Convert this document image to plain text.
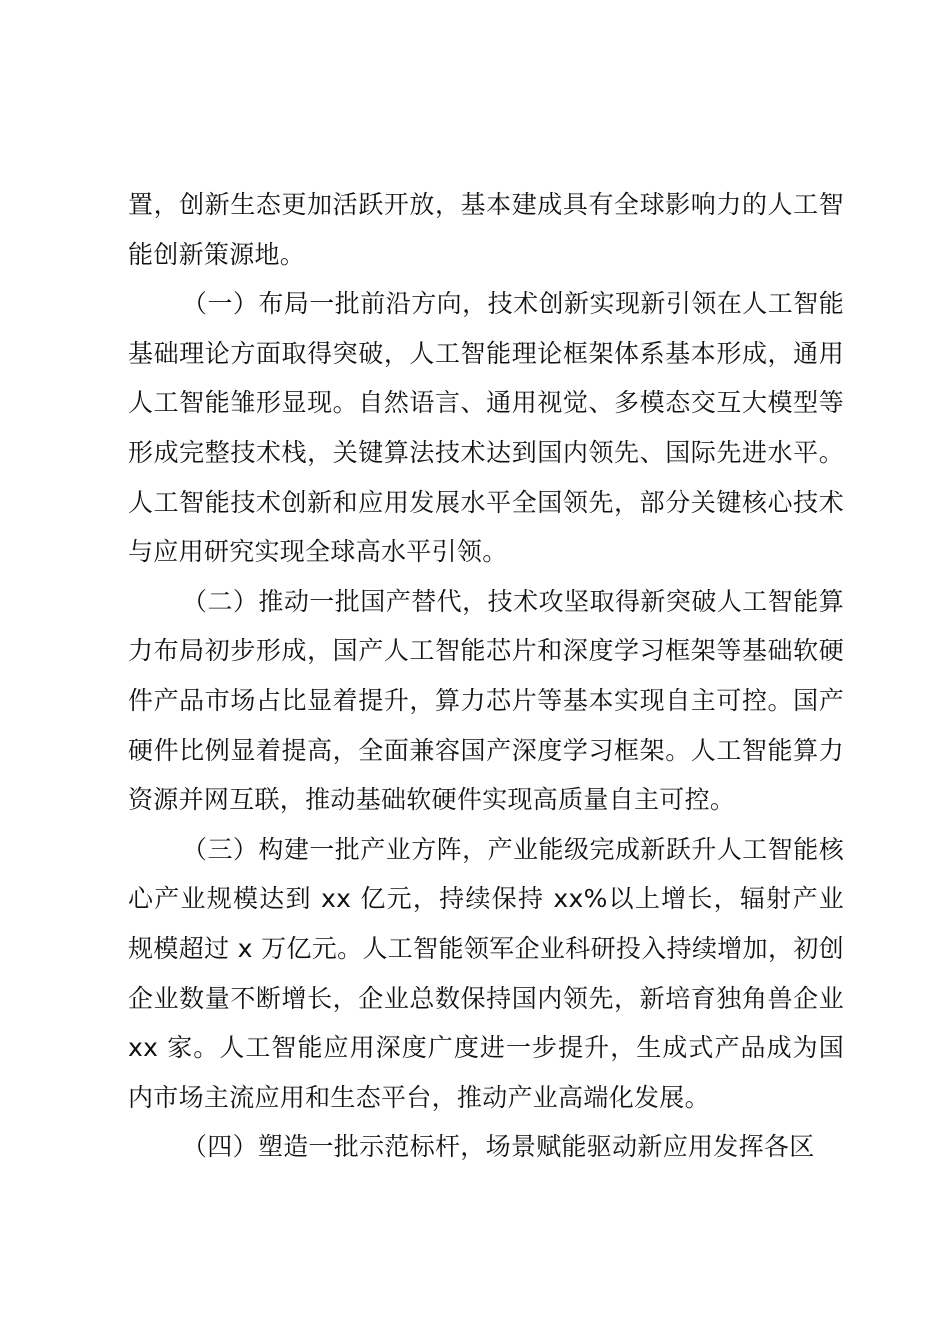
置，创新生态更加活跃开放，基本建成具有全球影响力的人工智能创新策源地。

（一）布局一批前沿方向，技术创新实现新引领在人工智能基础理论方面取得突破，人工智能理论框架体系基本形成，通用人工智能雏形显现。自然语言、通用视觉、多模态交互大模型等形成完整技术栈，关键算法技术达到国内领先、国际先进水平。人工智能技术创新和应用发展水平全国领先，部分关键核心技术与应用研究实现全球高水平引领。

（二）推动一批国产替代，技术攻坚取得新突破人工智能算力布局初步形成，国产人工智能芯片和深度学习框架等基础软硬件产品市场占比显着提升，算力芯片等基本实现自主可控。国产硬件比例显着提高，全面兼容国产深度学习框架。人工智能算力资源并网互联，推动基础软硬件实现高质量自主可控。

（三）构建一批产业方阵，产业能级完成新跃升人工智能核心产业规模达到 xx 亿元，持续保持 xx%以上增长，辐射产业规模超过 x 万亿元。人工智能领军企业科研投入持续增加，初创企业数量不断增长，企业总数保持国内领先，新培育独角兽企业 xx 家。人工智能应用深度广度进一步提升，生成式产品成为国内市场主流应用和生态平台，推动产业高端化发展。

（四）塑造一批示范标杆，场景赋能驱动新应用发挥各区
